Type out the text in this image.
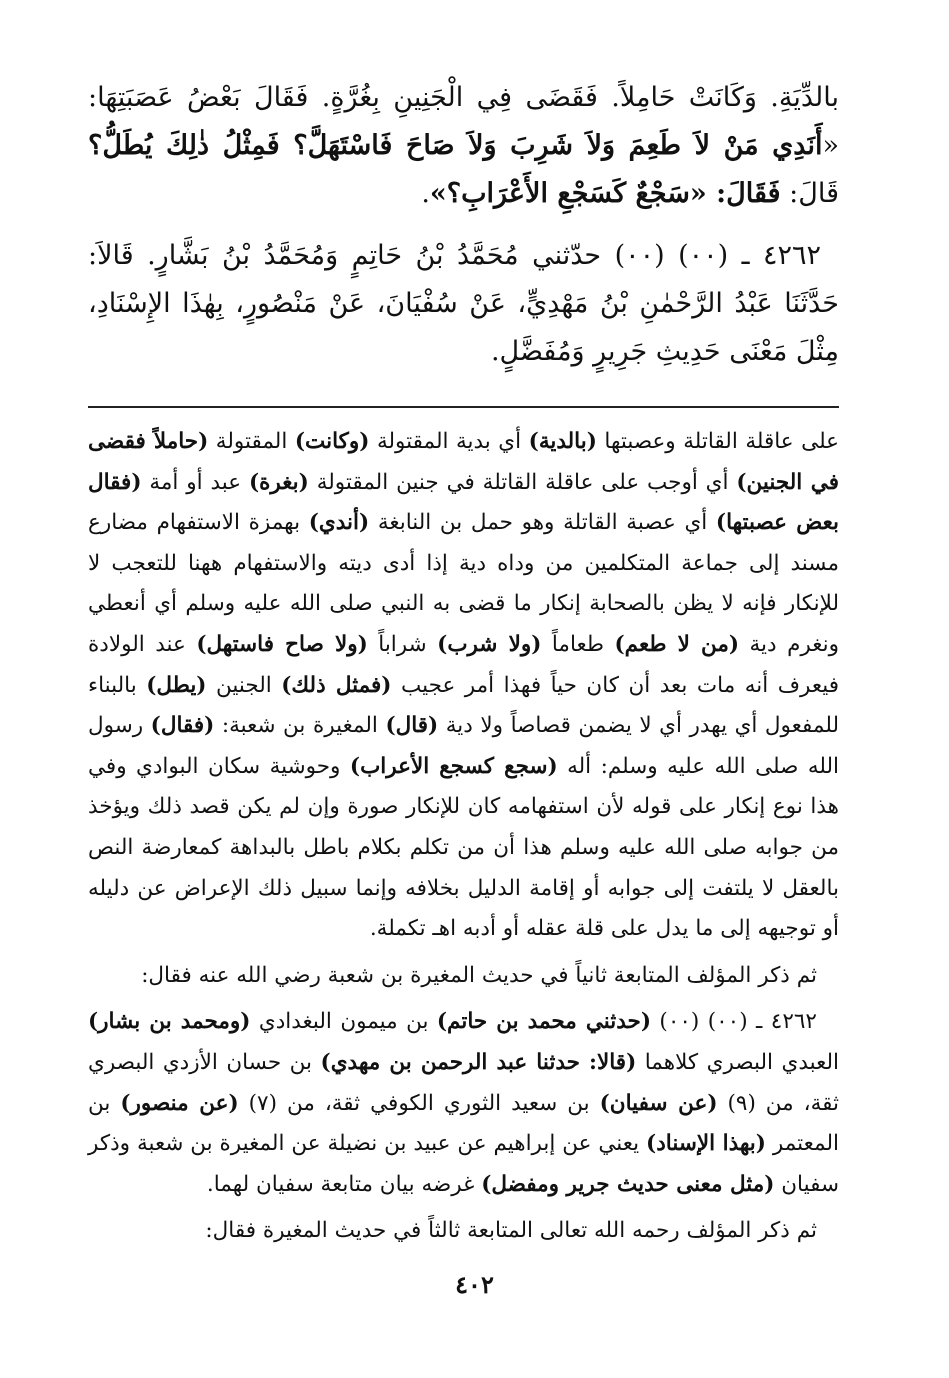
بالدِّيَةِ. وَكَانَتْ حَامِلاً. فَقَضَى فِي الْجَنِينِ بِغُرَّةٍ. فَقَالَ بَعْضُ عَصَبَتِهَا: «أَنَدِي مَنْ لاَ طَعِمَ وَلاَ شَرِبَ وَلاَ صَاحَ فَاسْتَهَلَّ؟ فَمِثْلُ ذٰلِكَ يُطَلُّ؟ قَالَ: فَقَالَ: «سَجْعٌ كَسَجْعِ الأَعْرَابِ؟».

٤٢٦٢ ـ (٠٠) (٠٠) حدّثني مُحَمَّدُ بْنُ حَاتِمٍ وَمُحَمَّدُ بْنُ بَشَّارٍ. قَالاَ: حَدَّثَنَا عَبْدُ الرَّحْمٰنِ بْنُ مَهْدِيٍّ، عَنْ سُفْيَانَ، عَنْ مَنْصُورٍ، بِهٰذَا الإِسْنَادِ، مِثْلَ مَعْنَى حَدِيثِ جَرِيرٍ وَمُفَضَّلٍ.

على عاقلة القاتلة وعصبتها (بالدية) أي بدية المقتولة (وكانت) المقتولة (حاملاً فقضى في الجنين) أي أوجب على عاقلة القاتلة في جنين المقتولة (بغرة) عبد أو أمة (فقال بعض عصبتها) أي عصبة القاتلة وهو حمل بن النابغة (أندي) بهمزة الاستفهام مضارع مسند إلى جماعة المتكلمين من وداه دية إذا أدى ديته والاستفهام ههنا للتعجب لا للإنكار فإنه لا يظن بالصحابة إنكار ما قضى به النبي صلى الله عليه وسلم أي أنعطي ونغرم دية (من لا طعم) طعاماً (ولا شرب) شراباً (ولا صاح فاستهل) عند الولادة فيعرف أنه مات بعد أن كان حياً فهذا أمر عجيب (فمثل ذلك) الجنين (يطل) بالبناء للمفعول أي يهدر أي لا يضمن قصاصاً ولا دية (قال) المغيرة بن شعبة: (فقال) رسول الله صلى الله عليه وسلم: أله (سجع كسجع الأعراب) وحوشية سكان البوادي وفي هذا نوع إنكار على قوله لأن استفهامه كان للإنكار صورة وإن لم يكن قصد ذلك ويؤخذ من جوابه صلى الله عليه وسلم هذا أن من تكلم بكلام باطل بالبداهة كمعارضة النص بالعقل لا يلتفت إلى جوابه أو إقامة الدليل بخلافه وإنما سبيل ذلك الإعراض عن دليله أو توجيهه إلى ما يدل على قلة عقله أو أدبه اهـ تكملة.

ثم ذكر المؤلف المتابعة ثانياً في حديث المغيرة بن شعبة رضي الله عنه فقال:

٤٢٦٢ ـ (٠٠) (٠٠) (حدثني محمد بن حاتم) بن ميمون البغدادي (ومحمد بن بشار) العبدي البصري كلاهما (قالا: حدثنا عبد الرحمن بن مهدي) بن حسان الأزدي البصري ثقة، من (٩) (عن سفيان) بن سعيد الثوري الكوفي ثقة، من (٧) (عن منصور) بن المعتمر (بهذا الإسناد) يعني عن إبراهيم عن عبيد بن نضيلة عن المغيرة بن شعبة وذكر سفيان (مثل معنى حديث جرير ومفضل) غرضه بيان متابعة سفيان لهما.

ثم ذكر المؤلف رحمه الله تعالى المتابعة ثالثاً في حديث المغيرة فقال:

٤٠٢
